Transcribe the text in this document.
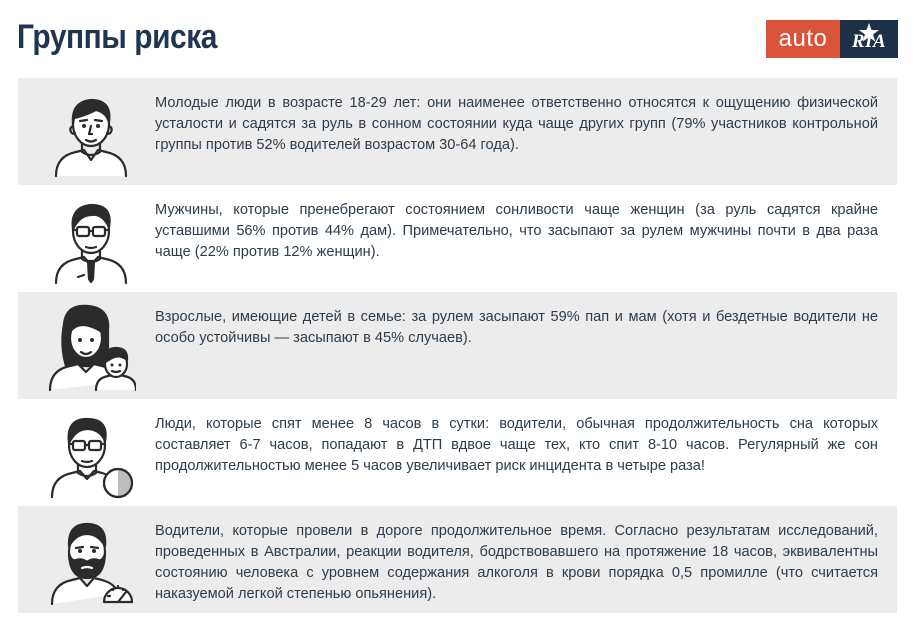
Группы риска	auto	RIA
Молодые люди в возрасте 18-29 лет: они наименее ответственно относятся к ощущению физической усталости и садятся за руль в сонном состоянии куда чаще других групп (79% участников контрольной группы против 52% водителей возрастом 30-64 года).
Мужчины, которые пренебрегают состоянием сонливости чаще женщин (за руль садятся крайне уставшими 56% против 44% дам). Примечательно, что засыпают за рулем мужчины почти в два раза чаще (22% против 12% женщин).
Взрослые, имеющие детей в семье: за рулем засыпают 59% пап и мам (хотя и бездетные водители не особо устойчивы — засыпают в 45% случаев).
Люди, которые спят менее 8 часов в сутки: водители, обычная продолжительность сна которых составляет 6-7 часов, попадают в ДТП вдвое чаще тех, кто спит 8-10 часов. Регулярный же сон продолжительностью менее 5 часов увеличивает риск инцидента в четыре раза!
Водители, которые провели в дороге продолжительное время. Согласно результатам исследований, проведенных в Австралии, реакции водителя, бодрствовавшего на протяжение 18 часов, эквивалентны состоянию человека с уровнем содержания алкоголя в крови порядка 0,5 промилле (что считается наказуемой легкой степенью опьянения).
